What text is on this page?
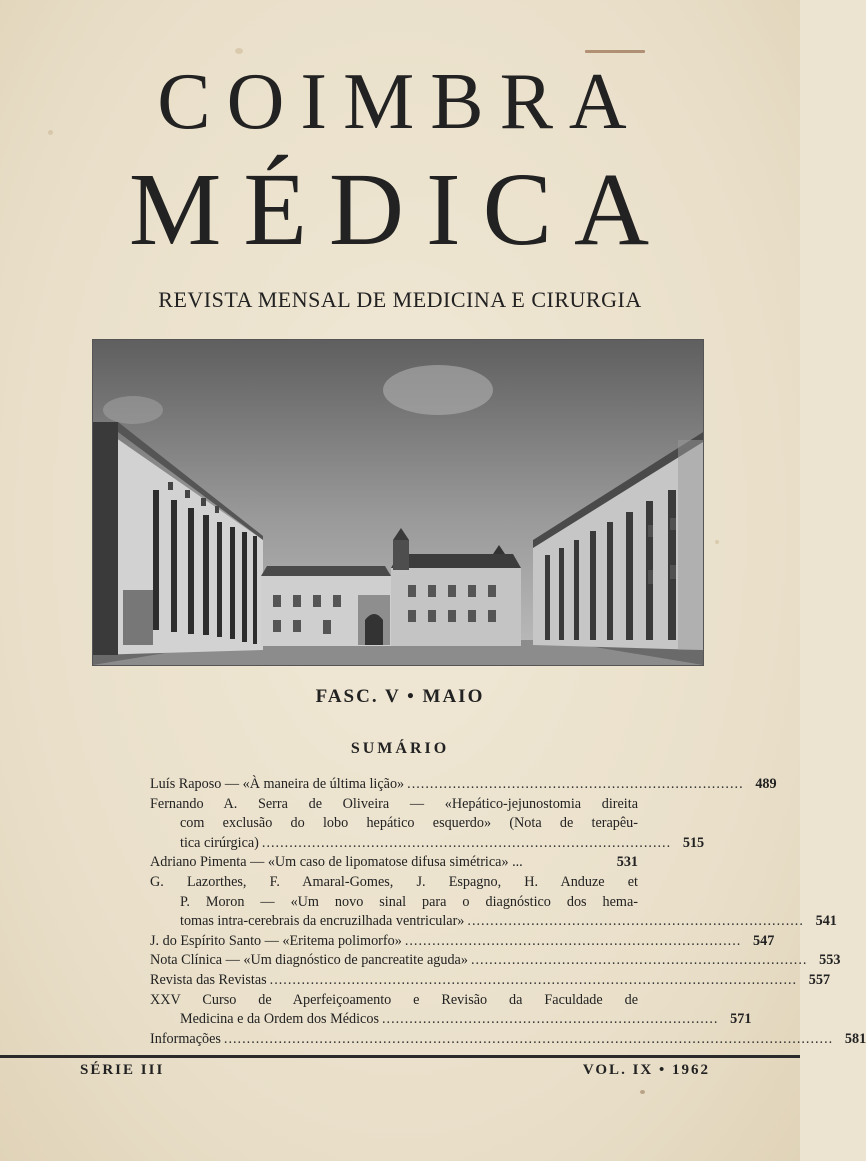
COIMBRA
MÉDICA
REVISTA MENSAL DE MEDICINA E CIRURGIA
FASC. V • MAIO
SUMÁRIO
Luís Raposo — «À maneira de última lição» .......................................................................... 489
Fernando A. Serra de Oliveira — «Hepático-jejunostomia direita
com exclusão do lobo hepático esquerdo» (Nota de terapêu-
tica cirúrgica) .......................................................................................... 515
Adriano Pimenta — «Um caso de lipomatose difusa simétrica» ...	531
G. Lazorthes, F. Amaral-Gomes, J. Espagno, H. Anduze et
P. Moron — «Um novo sinal para o diagnóstico dos hema-
tomas intra-cerebrais da encruzilhada ventricular» .......................................................................... 541
J. do Espírito Santo — «Eritema polimorfo» .......................................................................... 547
Nota Clínica — «Um diagnóstico de pancreatite aguda» .......................................................................... 553
Revista das Revistas .................................................................................................................... 557
XXV Curso de Aperfeiçoamento e Revisão da Faculdade de
Medicina e da Ordem dos Médicos .......................................................................... 571
Informações ...................................................................................................................................... 581
SÉRIE III	VOL. IX • 1962
